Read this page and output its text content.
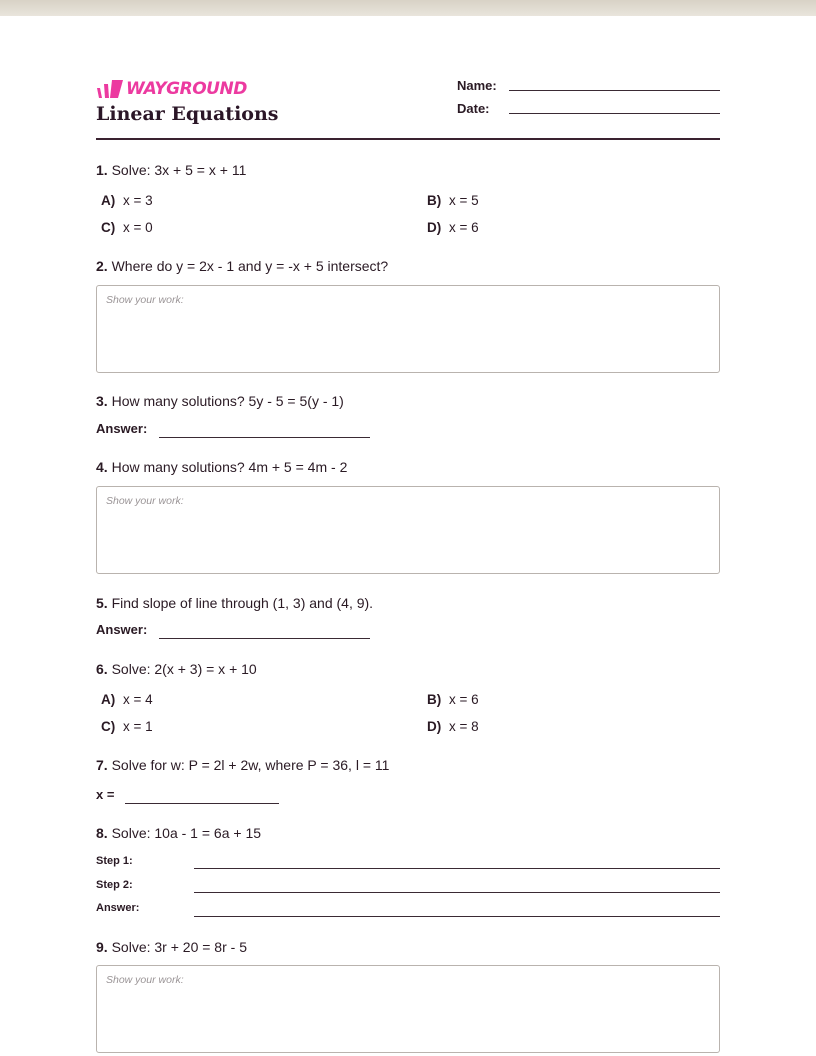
WAYGROUND
Linear Equations
Name:
Date:
1. Solve: 3x + 5 = x + 11
A) x = 3	B) x = 5
C) x = 0	D) x = 6
2. Where do y = 2x - 1 and y = -x + 5 intersect?
Show your work:
3. How many solutions? 5y - 5 = 5(y - 1)
Answer:
4. How many solutions? 4m + 5 = 4m - 2
Show your work:
5. Find slope of line through (1, 3) and (4, 9).
Answer:
6. Solve: 2(x + 3) = x + 10
A) x = 4	B) x = 6
C) x = 1	D) x = 8
7. Solve for w: P = 2l + 2w, where P = 36, l = 11
x =
8. Solve: 10a - 1 = 6a + 15
Step 1:
Step 2:
Answer:
9. Solve: 3r + 20 = 8r - 5
Show your work:
